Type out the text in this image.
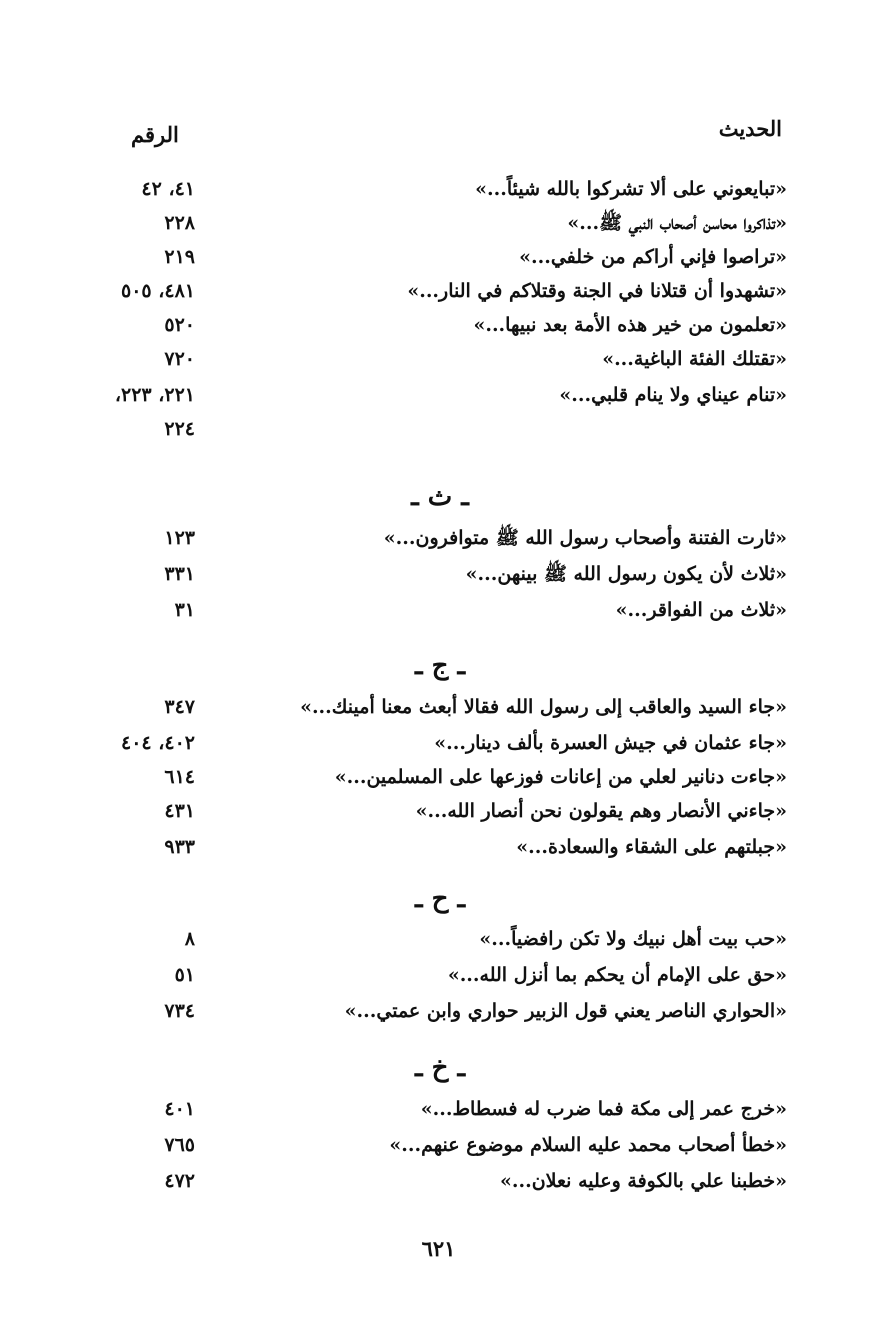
الحديث
الرقم
«تبايعوني على ألا تشركوا بالله شيئاً...»
٤١، ٤٢
«تذاكروا محاسن أصحاب النبي ﷺ...»
٢٢٨
«تراصوا فإني أراكم من خلفي...»
٢١٩
«تشهدوا أن قتلانا في الجنة وقتلاكم في النار...»
٤٨١، ٥٠٥
«تعلمون من خير هذه الأمة بعد نبيها...»
٥٢٠
«تقتلك الفئة الباغية...»
٧٢٠
«تنام عيناي ولا ينام قلبي...»
٢٢١، ٢٢٣،
٢٢٤
ـ ث ـ
«ثارت الفتنة وأصحاب رسول الله ﷺ متوافرون...»
١٢٣
«ثلاث لأن يكون رسول الله ﷺ بينهن...»
٣٣١
«ثلاث من الفواقر...»
٣١
ـ ج ـ
«جاء السيد والعاقب إلى رسول الله فقالا أبعث معنا أمينك...»
٣٤٧
«جاء عثمان في جيش العسرة بألف دينار...»
٤٠٢، ٤٠٤
«جاءت دنانير لعلي من إعانات فوزعها على المسلمين...»
٦١٤
«جاءني الأنصار وهم يقولون نحن أنصار الله...»
٤٣١
«جبلتهم على الشقاء والسعادة...»
٩٣٣
ـ ح ـ
«حب بيت أهل نبيك ولا تكن رافضياً...»
٨
«حق على الإمام أن يحكم بما أنزل الله...»
٥١
«الحواري الناصر يعني قول الزبير حواري وابن عمتي...»
٧٣٤
ـ خ ـ
«خرج عمر إلى مكة فما ضرب له فسطاط...»
٤٠١
«خطأ أصحاب محمد عليه السلام موضوع عنهم...»
٧٦٥
«خطبنا علي بالكوفة وعليه نعلان...»
٤٧٢
٦٢١
